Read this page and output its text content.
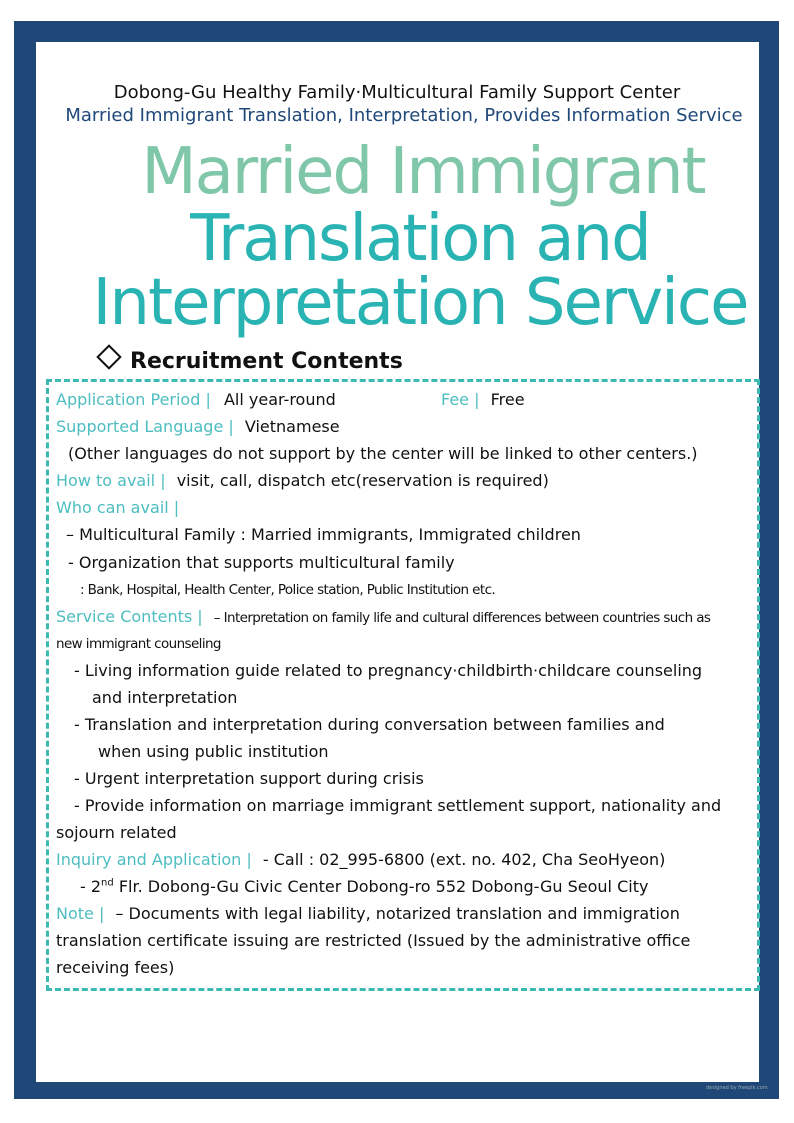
Dobong-Gu Healthy Family·Multicultural Family Support Center
Married Immigrant Translation, Interpretation, Provides Information Service
Married Immigrant
Translation and
Interpretation Service
Recruitment Contents
Application Period | All year-round	Fee | Free
Supported Language | Vietnamese
(Other languages do not support by the center will be linked to other centers.)
How to avail | visit, call, dispatch etc(reservation is required)
Who can avail |
– Multicultural Family : Married immigrants, Immigrated children
- Organization that supports multicultural family
: Bank, Hospital, Health Center, Police station, Public Institution etc.
Service Contents | – Interpretation on family life and cultural differences between countries such as
new immigrant counseling
- Living information guide related to pregnancy·childbirth·childcare counseling
and interpretation
- Translation and interpretation during conversation between families and
when using public institution
- Urgent interpretation support during crisis
- Provide information on marriage immigrant settlement support, nationality and
sojourn related
Inquiry and Application | - Call : 02_995-6800 (ext. no. 402, Cha SeoHyeon)
- 2nd Flr. Dobong-Gu Civic Center Dobong-ro 552 Dobong-Gu Seoul City
Note | – Documents with legal liability, notarized translation and immigration
translation certificate issuing are restricted (Issued by the administrative office
receiving fees)
designed by freepik.com
